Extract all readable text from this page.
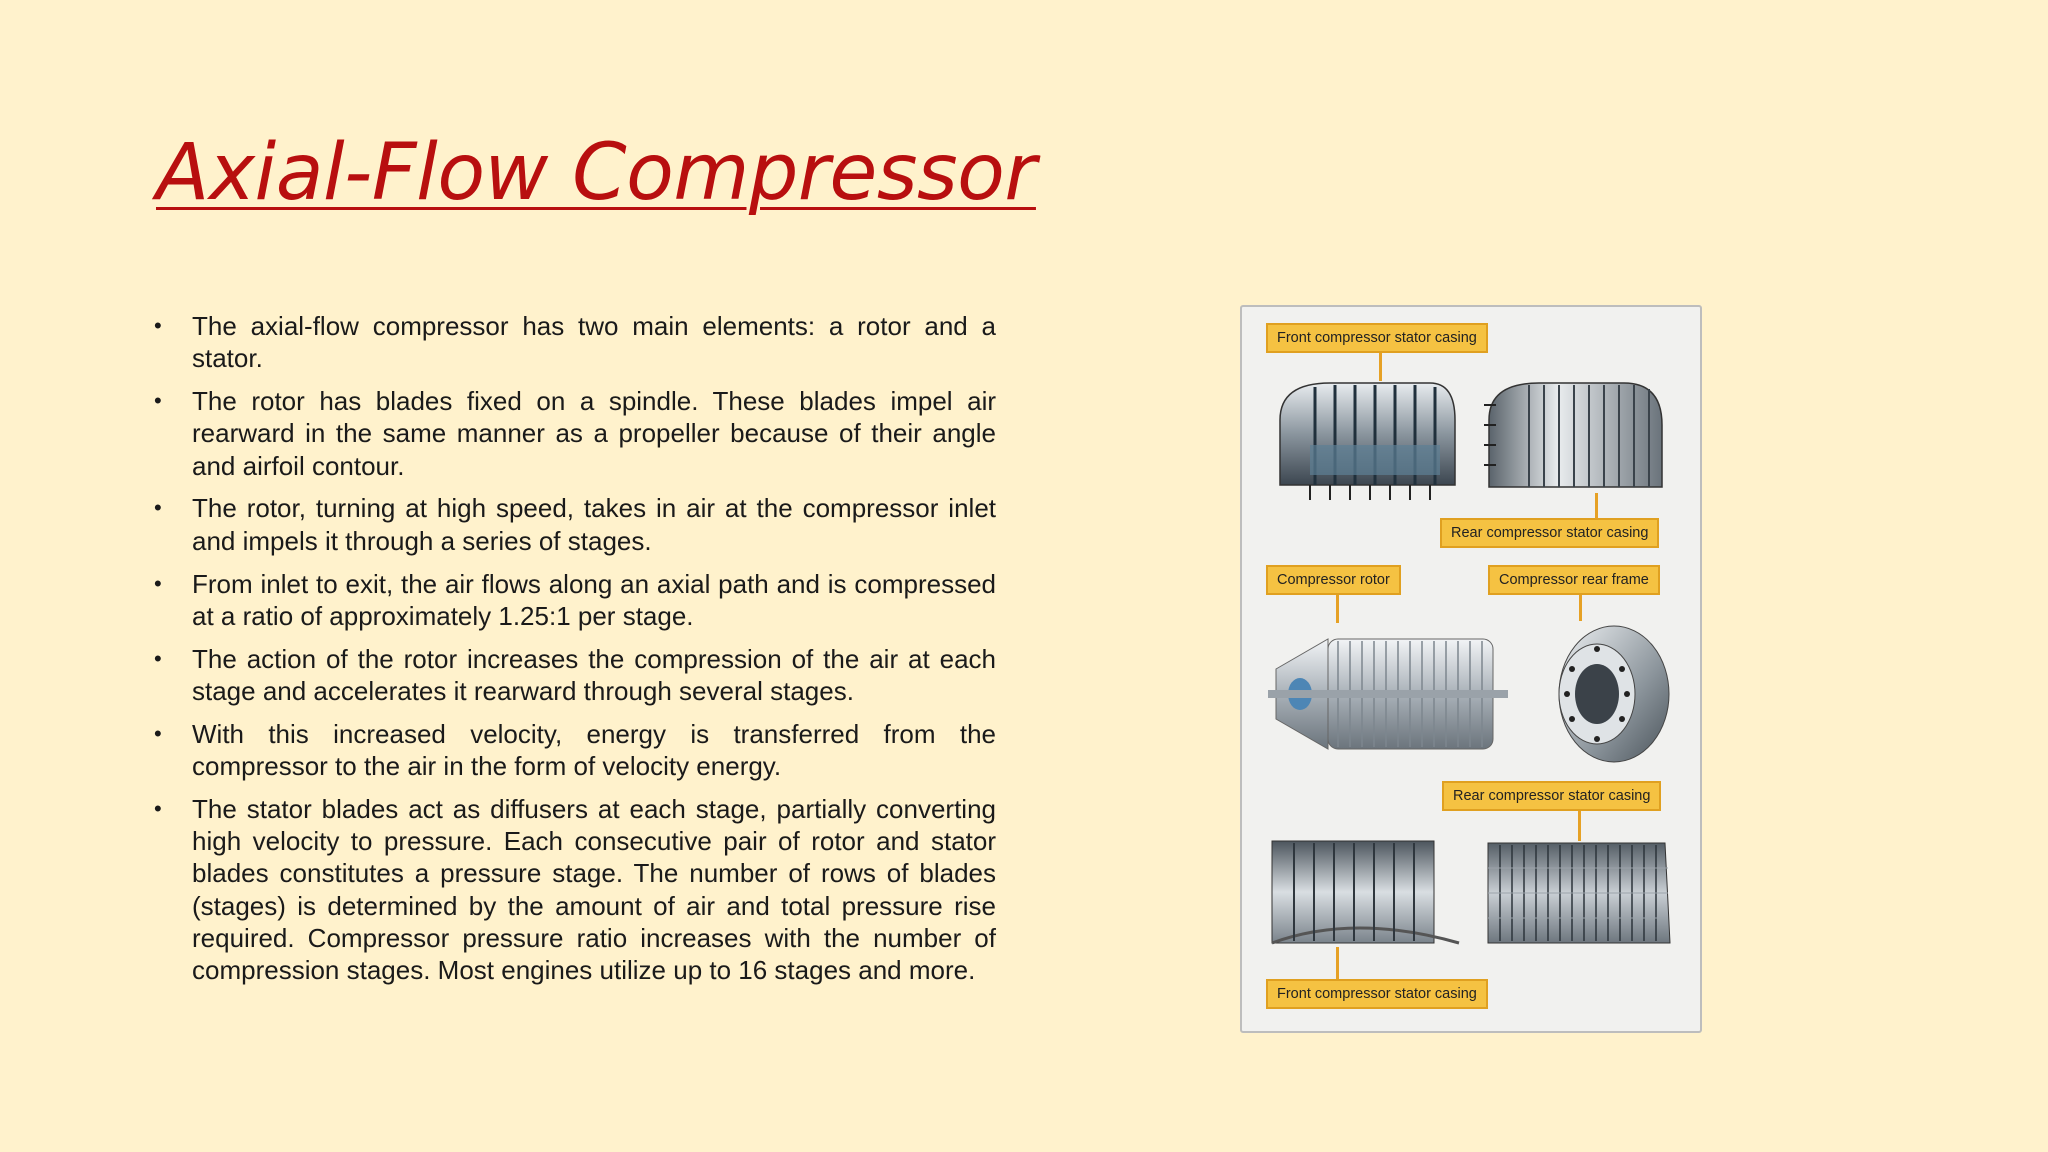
Axial-Flow Compressor
• The axial-flow compressor has two main elements: a rotor and a stator.
• The rotor has blades fixed on a spindle. These blades impel air rearward in the same manner as a propeller because of their angle and airfoil contour.
• The rotor, turning at high speed, takes in air at the compressor inlet and impels it through a series of stages.
• From inlet to exit, the air flows along an axial path and is compressed at a ratio of approximately 1.25:1 per stage.
• The action of the rotor increases the compression of the air at each stage and accelerates it rearward through several stages.
• With this increased velocity, energy is transferred from the compressor to the air in the form of velocity energy.
• The stator blades act as diffusers at each stage, partially converting high velocity to pressure. Each consecutive pair of rotor and stator blades constitutes a pressure stage. The number of rows of blades (stages) is determined by the amount of air and total pressure rise required. Compressor pressure ratio increases with the number of compression stages. Most engines utilize up to 16 stages and more.
Front compressor stator casing
Rear compressor stator casing
Compressor rotor	Compressor rear frame
Rear compressor stator casing
Front compressor stator casing
